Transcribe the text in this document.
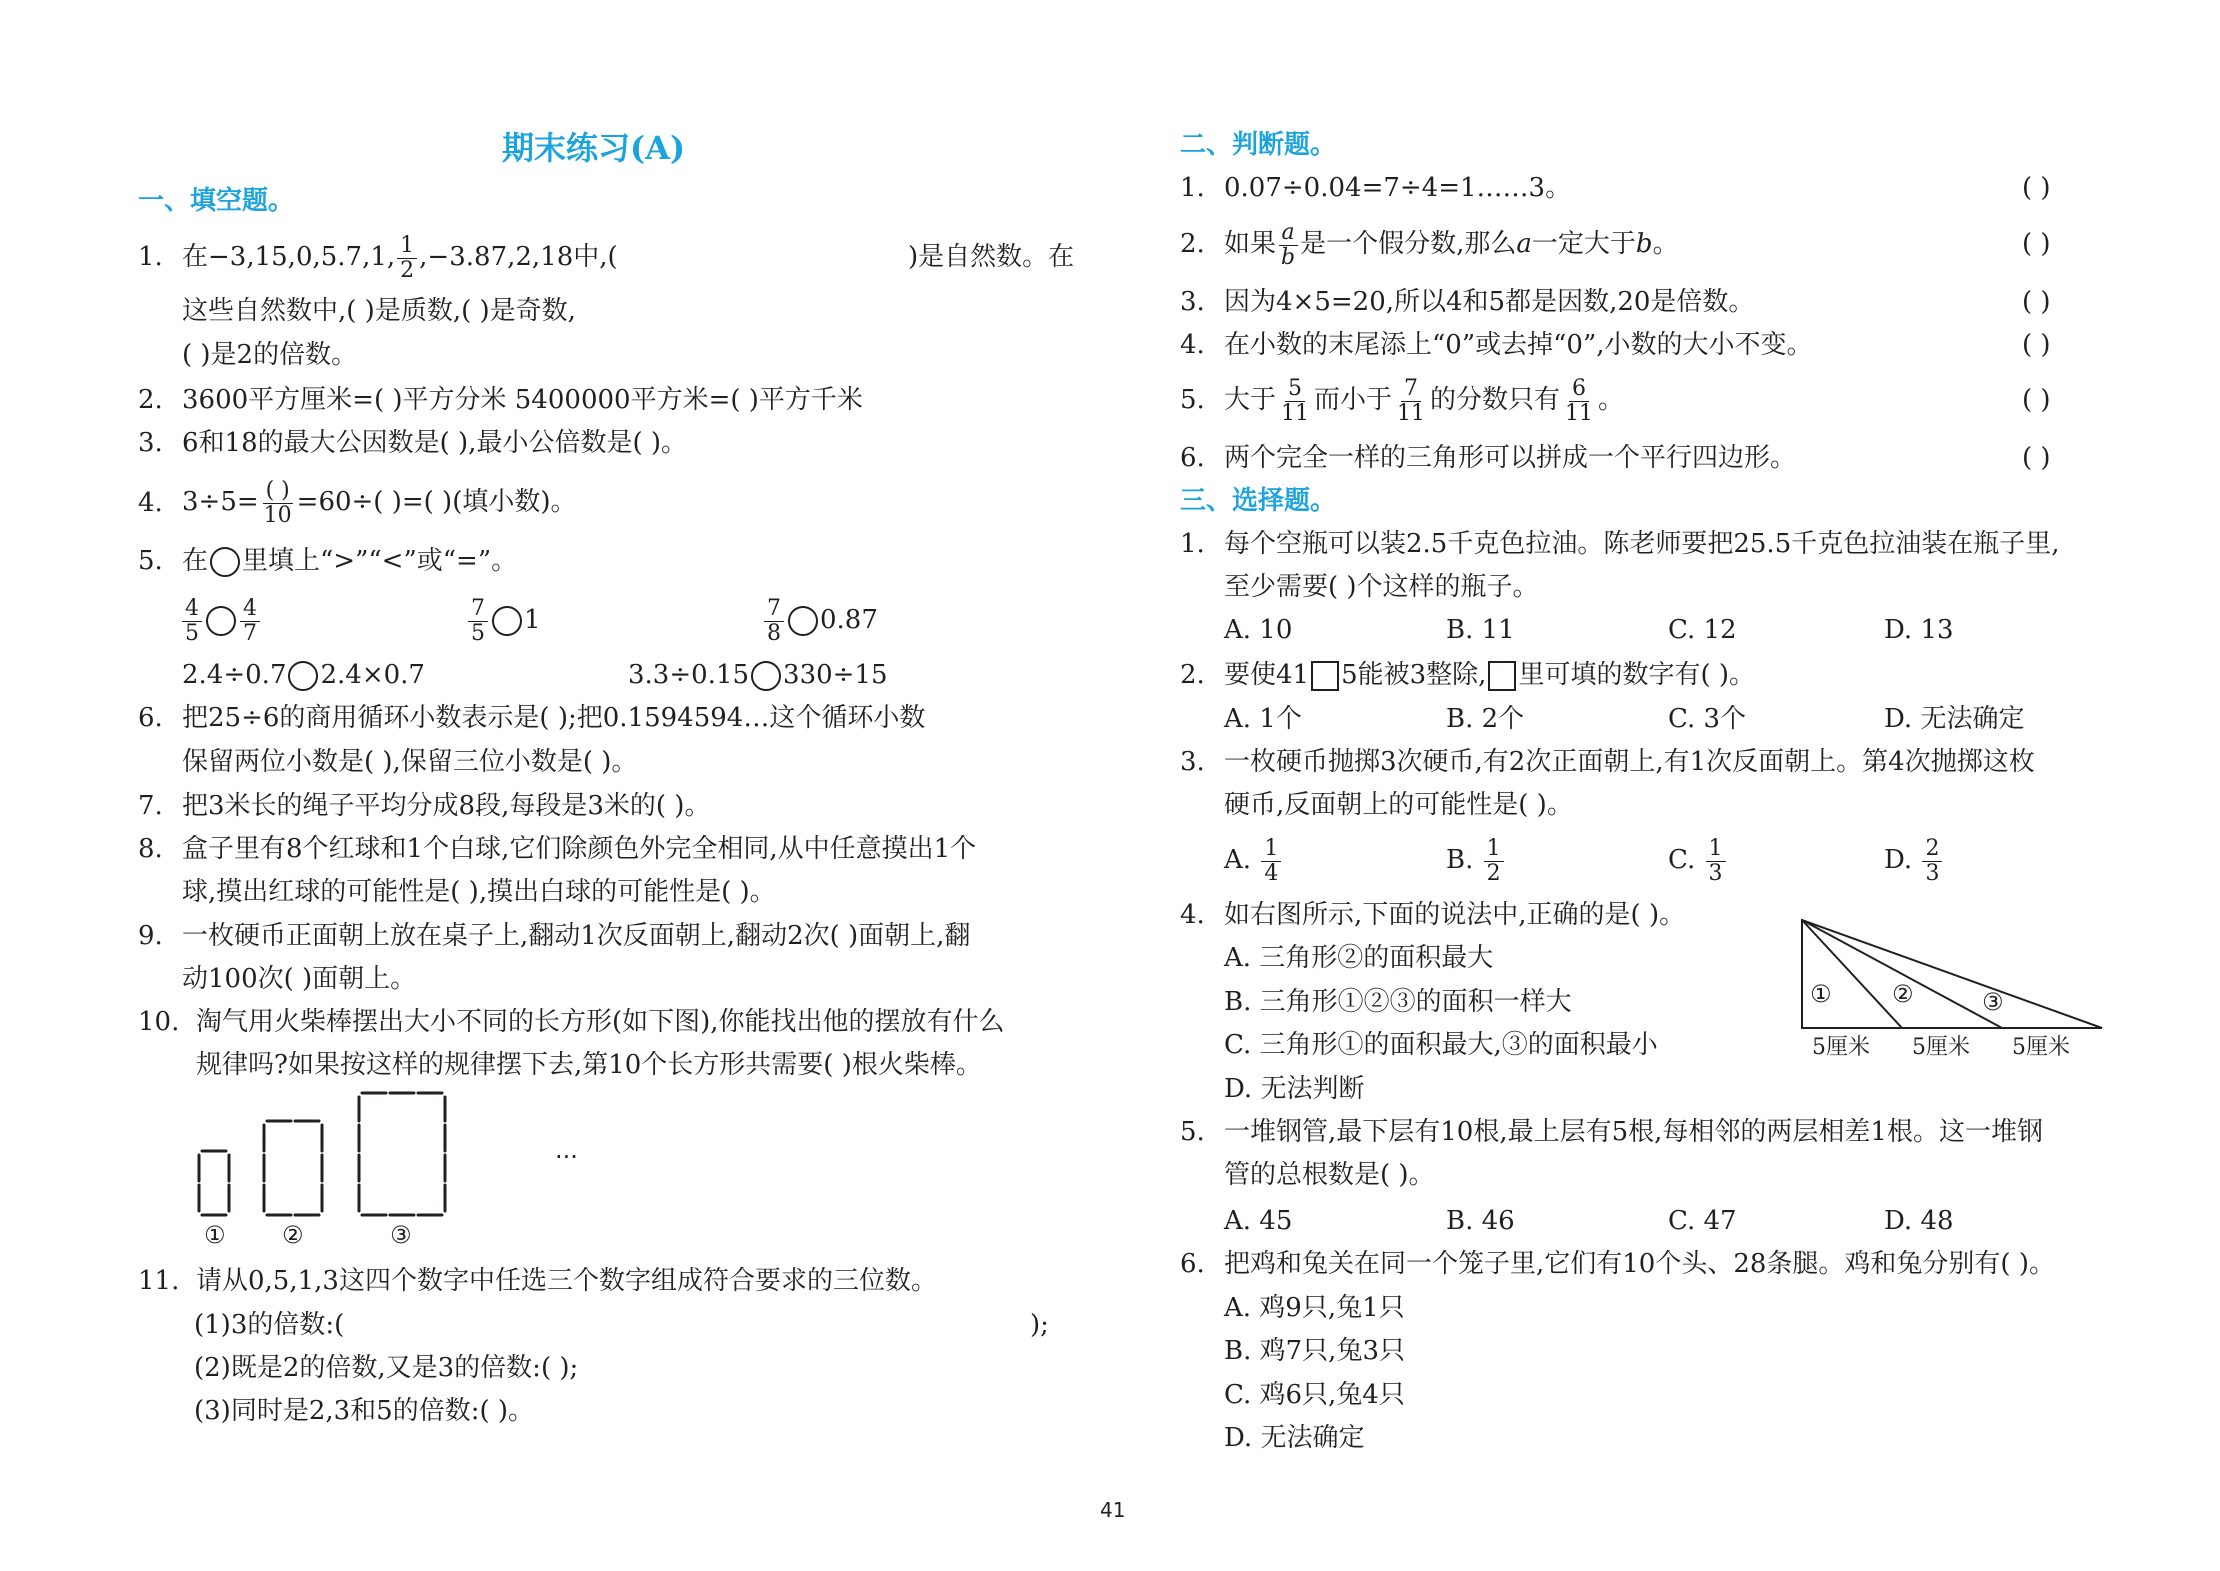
期末练习(A)
一、填空题。
1. 在−3,15,0,5.7,1, $\frac{1}{2} ,-3.87,2,18$中,(	)是自然数。在
这些自然数中,( )是质数,( )是奇数,
( )是2的倍数。
2. 3600平方厘米=( )平方分米 5400000平方米=( )平方千米
3. 6和18的最大公因数是( ),最小公倍数是( )。
4. $3\div 5= \frac{( )}{10} =60\div$( )=( )(填小数)。
5. 在 里填上“>”“<”或“=”。
$\frac{4}{5} \frac{4}{7}$	$\frac{7}{5} 1$	$\frac{7}{8} 0.87$
2.4÷0.7 2.4×0.7	3.3÷0.15 330÷15
6. 把25÷6的商用循环小数表示是( );把0.1594594…这个循环小数
保留两位小数是( ),保留三位小数是( )。
7. 把3米长的绳子平均分成8段,每段是3米的( )。
8. 盒子里有8个红球和1个白球,它们除颜色外完全相同,从中任意摸出1个
球,摸出红球的可能性是( ),摸出白球的可能性是( )。
9. 一枚硬币正面朝上放在桌子上,翻动1次反面朝上,翻动2次( )面朝上,翻
动100次( )面朝上。
10. 淘气用火柴棒摆出大小不同的长方形(如下图),你能找出他的摆放有什么
规律吗?如果按这样的规律摆下去,第10个长方形共需要( )根火柴棒。
① ②	③
···
11. 请从0,5,1,3这四个数字中任选三个数字组成符合要求的三位数。
(1)3的倍数:(	);
(2)既是2的倍数,又是3的倍数:( );
(3)同时是2,3和5的倍数:( )。
二、判断题。
1. 0.07÷0.04=7÷4=1……3。	( )
2. 如果 $\frac{a}{b}$ 是一个假分数,那么a一定大于b。	( )
3. 因为4×5=20,所以4和5都是因数,20是倍数。	( )
4. 在小数的末尾添上“0”或去掉“0”,小数的大小不变。	( )
5. 大于 $\frac{5}{11}$ 而小于 $\frac{7}{11}$ 的分数只有 $\frac{6}{11}$ 。	( )
6. 两个完全一样的三角形可以拼成一个平行四边形。	( )
三、选择题。
1. 每个空瓶可以装2.5千克色拉油。陈老师要把25.5千克色拉油装在瓶子里,
至少需要( )个这样的瓶子。
A. 10	B. 11	C. 12	D. 13
2. 要使41 5能被3整除, 里可填的数字有( )。
A. 1个	B. 2个	C. 3个	D. 无法确定
3. 一枚硬币抛掷3次硬币,有2次正面朝上,有1次反面朝上。第4次抛掷这枚
硬币,反面朝上的可能性是( )。
A. $\frac{1}{4}$	B. $\frac{1}{2}$	C. $\frac{1}{3}$	D. $\frac{2}{3}$
4. 如右图所示,下面的说法中,正确的是( )。
A. 三角形②的面积最大
B. 三角形①②③的面积一样大
C. 三角形①的面积最大,③的面积最小
D. 无法判断
①	②	③
5厘米 5厘米 5厘米
5. 一堆钢管,最下层有10根,最上层有5根,每相邻的两层相差1根。这一堆钢
管的总根数是( )。
A. 45	B. 46	C. 47	D. 48
6. 把鸡和兔关在同一个笼子里,它们有10个头、28条腿。鸡和兔分别有( )。
A. 鸡9只,兔1只
B. 鸡7只,兔3只
C. 鸡6只,兔4只
D. 无法确定
41
